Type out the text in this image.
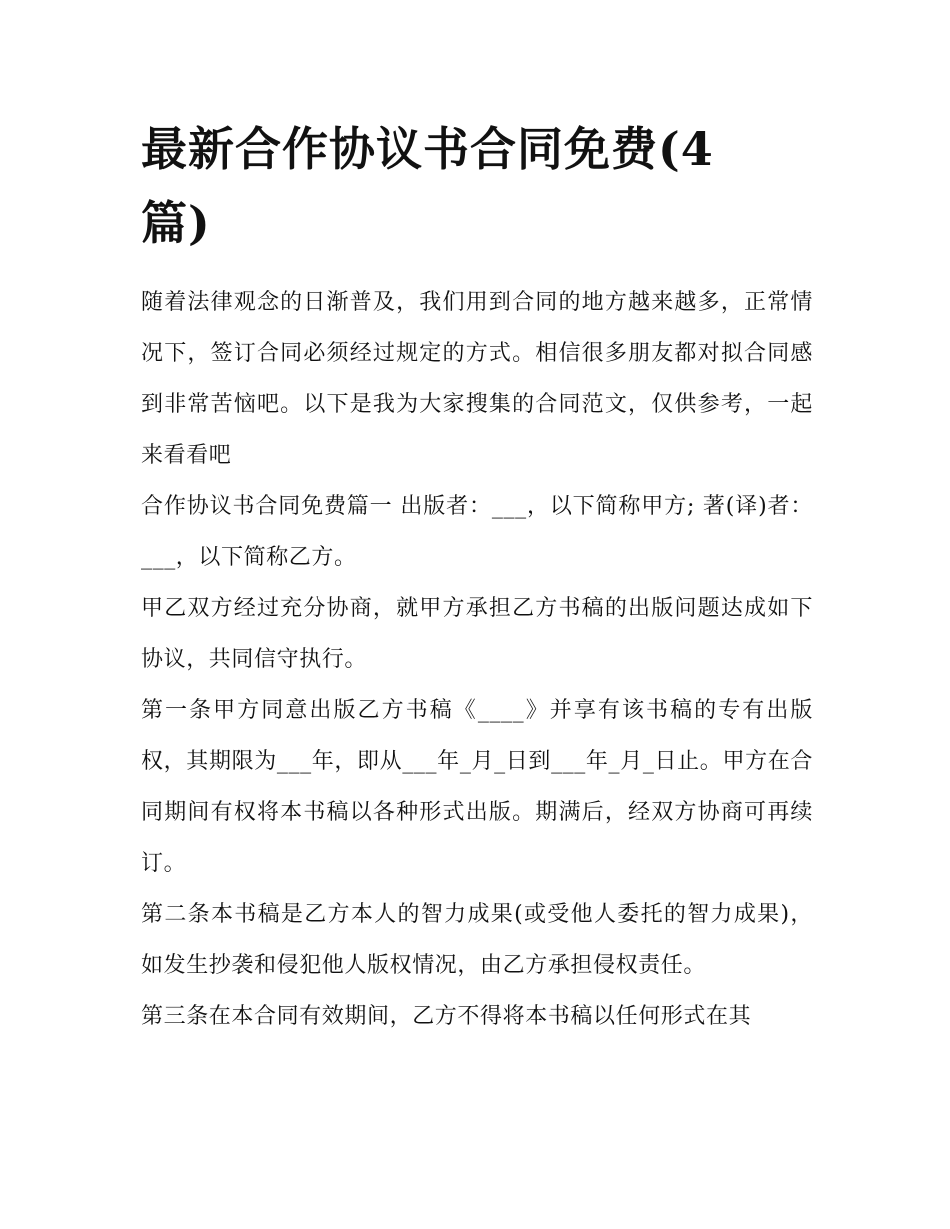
最新合作协议书合同免费(4篇)

随着法律观念的日渐普及，我们用到合同的地方越来越多，正常情况下，签订合同必须经过规定的方式。相信很多朋友都对拟合同感到非常苦恼吧。以下是我为大家搜集的合同范文，仅供参考，一起来看看吧

合作协议书合同免费篇一 出版者：___，以下简称甲方; 著(译)者：___，以下简称乙方。

甲乙双方经过充分协商，就甲方承担乙方书稿的出版问题达成如下协议，共同信守执行。

第一条甲方同意出版乙方书稿《____》并享有该书稿的专有出版权，其期限为___年，即从___年_月_日到___年_月_日止。甲方在合同期间有权将本书稿以各种形式出版。期满后，经双方协商可再续订。

第二条本书稿是乙方本人的智力成果(或受他人委托的智力成果)，如发生抄袭和侵犯他人版权情况，由乙方承担侵权责任。

第三条在本合同有效期间，乙方不得将本书稿以任何形式在其
